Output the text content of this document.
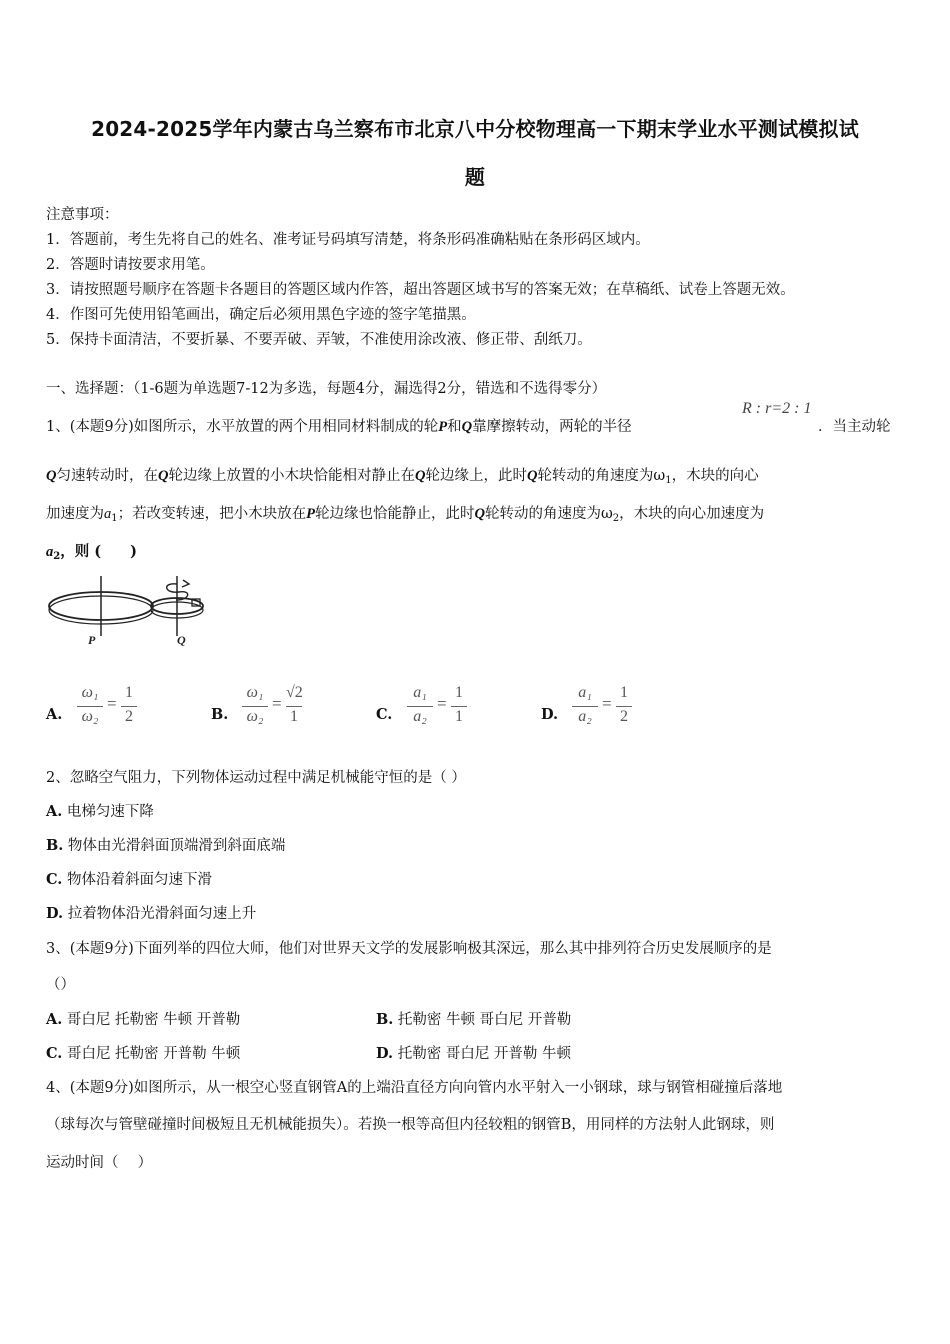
2024-2025学年内蒙古乌兰察布市北京八中分校物理高一下期末学业水平测试模拟试
题
注意事项：
1．答题前，考生先将自己的姓名、准考证号码填写清楚，将条形码准确粘贴在条形码区域内。
2．答题时请按要求用笔。
3．请按照题号顺序在答题卡各题目的答题区域内作答，超出答题区域书写的答案无效；在草稿纸、试卷上答题无效。
4．作图可先使用铅笔画出，确定后必须用黑色字迹的签字笔描黑。
5．保持卡面清洁，不要折暴、不要弄破、弄皱，不准使用涂改液、修正带、刮纸刀。
一、选择题：（1-6题为单选题7-12为多选，每题4分，漏选得2分，错选和不选得零分）
1、(本题9分)如图所示，水平放置的两个用相同材料制成的轮P和Q靠摩擦转动，两轮的半径
R : r=2 : 1
．当主动轮
Q匀速转动时，在Q轮边缘上放置的小木块恰能相对静止在Q轮边缘上，此时Q轮转动的角速度为$\omega_1$，木块的向心
加速度为$a_1$；若改变转速，把小木块放在P轮边缘也恰能静止，此时Q轮转动的角速度为$\omega_2$，木块的向心加速度为
$a_2$，则 (　　)
P	Q
A.
ω₁
ω₂
=
1
2	B.
ω₁
ω₂
=
√2
1	C.
a₁
a₂
=
1
1	D.
a₁
a₂
=
1
2
2、忽略空气阻力，下列物体运动过程中满足机械能守恒的是（ ）
A. 电梯匀速下降
B. 物体由光滑斜面顶端滑到斜面底端
C. 物体沿着斜面匀速下滑
D. 拉着物体沿光滑斜面匀速上升
3、(本题9分)下面列举的四位大师，他们对世界天文学的发展影响极其深远，那么其中排列符合历史发展顺序的是
（）
A. 哥白尼 托勒密 牛顿 开普勒	B. 托勒密 牛顿 哥白尼 开普勒
C. 哥白尼 托勒密 开普勒 牛顿	D. 托勒密 哥白尼 开普勒 牛顿
4、(本题9分)如图所示，从一根空心竖直钢管A的上端沿直径方向向管内水平射入一小钢球，球与钢管相碰撞后落地
（球每次与管壁碰撞时间极短且无机械能损失）。若换一根等高但内径较粗的钢管B，用同样的方法射人此钢球，则
运动时间（　 ）
